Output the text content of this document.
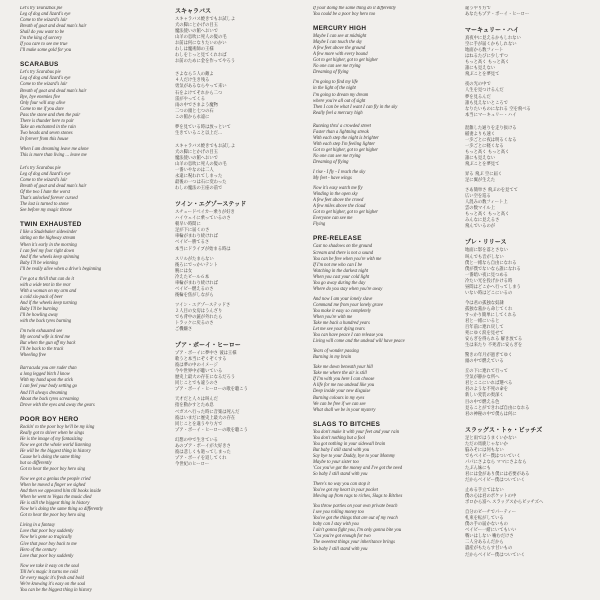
Let's try Teurazbas pie
Leg of dog and lizard's eye
Come to the wizard's lair
Breath of goat and dead man's hair
Shall do you want to be
I'm the king of sorcery
If you care to see me true
I'll make some gold for you
SCARABUS
Let's try Scarabus pie
Leg of dog and lizard's eye
Come to the wizard's lair
Breath of goat and dead man's hair
Bye, bye enemies five
Only four will stay alive
Come to me if you dare
Pass the stone and then the pair
There is thunder here to pair
Take an enchanted in the rain
Two heads and seven stones
In forever from this house
When I am dreaming leave me alone
This is more than living ... leave me
Let's try Scarabus pie
Leg of dog and lizard's eye
Come to the wizard's lair
Breath of goat and dead man's hair
Of the two I hate the worst
That's unlocked forever cursed
The last is turned to stone
See before my magic throne
TWIN EXHAUSTED
I like a Studebaker sidewinder
sitting on the highway stream
When it's early in the morning
I can feel my foot right down
And if the wheels keep spinning
Baby I'll be winning
I'll be really alive when a drive's beginning
I've got a thrill that can do it
with a wide tent in the rear
With a woman on my arm and
a cold six-pack of beer
And if the wheels keep turning
Baby I'll be burning
I'll be howling away
with the back tyres burning
I'm twin exhausted see
My second wife is tired me
But when the gun off my back
I'll be back to the track
Wheeling free
Barracuda you are ruder than
a long legged bitch I know
With my hand upon the stick
I can feel your body setting go
And I'll always dreaming
About the back tyres screaming
Drove with the eyes and away the gears
POOR BOY HERO
Rockin' to the poor boy he'll be my king
Really got to shiver when he sings
He is the image of my fantasizing
Now we got the whole world listening
He will be the biggest thing in history
Cause he's doing the same thing
but so differently
Got to hear the poor boy hero sing
Now we got a genius the people cried
When he moved a finger we sighed
And then we appeared him till books inside
When he went to Vegas the music died
He is still the biggest thing in history
Now he's doing the same thing so differently
Got to hear the poor boy hero sing
Living in a fantasy
Love that poor boy suddenly
Now he's gone so tragically
Give that poor boy back to me
Hero of the century
Love that poor boy suddenly
Now we take it easy on the soul
Till he's magic it turns me cold
Or every magic it's fresh and bold
We're knowing it's easy on the soul
You can be the biggest thing in history
スキャラバス
スキャラバス焼きでもお試しよ
犬の脚にとかげの目玉
魔法使いの館へおいで
山羊の息吹に死人の髪の毛
お前は何になりたいのかい
わしは魔術師の王様
わしをじっと見てくれれば
お前のために金を作ってやろう
さよなら５人の敵よ
４人だけ生き残る
勇気があるならやって来い
石をよけてそれから二つ
雷がやってくる
雨の中でさまよう魔物
二つの頭と七つの石
この館から永遠に
夢を見ている時は放っといて
生きていること以上だ...
スキャラバス焼きでもお試しよ
犬の脚にとかげの目玉
魔法使いの館へおいで
山羊の息吹に死人の髪の毛
一番いやなのは二人
永遠に呪われてしまった
最後の一つは石に変わった
わしの魔法の王座の前で
ツイン・エグゾーステッド
スチュードベイカー乗りが好き
ハイウェイに乗っているのさ
朝早い時間に
足が下に届くのさ
車輪がまわり続ければ
ベイビー勝てるさ
本当にドライブが始まる時は
スリルがたまらない
後ろにでっかいテント
腕には女
冷えたビール６本
車輪がまわり続ければ
ベイビー燃えるのさ
後輪を焦がしながら
ツイン・エグゾーステッドさ
２人目の女房はうんざり
でも背中の銃が外れたら
トラックに戻るのさ
ご機嫌さ
プア・ボーイ・ヒーロー
プア・ボーイに夢中さ 彼は王様
歌うと本当にぞくぞくする
彼は夢の中のイメージ
今や世界中が聴いている
歴史上最大の存在になるだろう
同じことでも違うのさ
プア・ボーイ・ヒーローの歌を聴こう
天才だと人々は叫んだ
指を動かすとため息
ベガスへ行った時に音楽は死んだ
彼はいまだに歴史上最大の存在
同じことを違うやり方で
プア・ボーイ・ヒーローの歌を聴こう
幻想の中で生きている
あのプア・ボーイが大好きさ
彼は悲しくも逝ってしまった
プア・ボーイを返してくれ
今世紀のヒーロー
If your doing the same thing do it differently
You could be a poor boy hero too
MERCURY HIGH
Maybe I can see at midnight
Maybe I can touch the sky
A few feet above the ground
A few more with every bound
Got to get higher, got to get higher
No one can see me trying
Dreaming of flying
I'm going to find my life
in the light of the night
I'm going to dream my dream
where you're all out of sight
Then I can be what I want I can fly in the sky
Really feel a mercury high
Running thru' a crowded street
Faster than a lightning streak
With each step the night is brighter
With each step I'm feeling lighter
Got to get higher, got to get higher
No one can see me trying
Dreaming of flying
I rise - I fly - I reach the sky
My feet - have wings
Now it's easy watch me fly
Winding in the open sky
A few feet above the crowd
A few miles above the cloud
Got to get higher, got to get higher
Everyone can see me
Flying
PRE-RELEASE
Cast no shadows on the ground
Scream and there is not a sound
You can be free when you're with me
If I'm not me who can I be
Watching in the darkest night
When you cast your cold light
You go away during the day
Where do you stay when you're away
And now I am your lonely slave
Command me from your lonely grave
You make it easy so completely
When you're with me
Take me back a hundred years
Let me see your dying tears
You can have peace I can release you
Living will come and the undead will have peace
Years of wonder passing
Burning in my brain
Take me down beneath your hill
Take me where the air is still
If I'm with you here I can choose
A life for me too undead like you
Deep inside your new disguise
Burning colours in my eyes
We can be free if we can see
What shall we be in your mystery
SLAGS TO BITCHES
You don't make it with your feet and your rain
You don't nothing but a fool
You got nothing in your sidewall brain
But baby I still stand with you
Say bye to your Daddy, bye to your Mommy
Maybe to your sister too
'Cos you've got the money and I've got the need
So baby I still stand with you
There's no way you can stop it
You've got my heart in your pocket
Moving up from rags to riches, Slags to Bitches
You throw parties on your own private beach
I see you rolling money too
You've got the things that are out of my reach
baby can I stay with you
I ain't gonna fight you, I'm only gonna bite you
'Cos you're got enough for two
The sweetest things your inheritance brings
So baby I still stand with you
違うやり方で
あなたもプア・ボーイ・ヒーロー
マーキュリー・ハイ
真夜中に見えるかもしれない
空に手が届くかもしれない
地面から数フィート
はねるたびに少しずつ
もっと高く もっと高く
誰にも見えない
飛ぶことを夢見て
夜の光の中で
人生を見つけるんだ
夢を見るんだ
誰も見えないところで
なりたいものになれる 空を飛べる
本当にマーキュリー・ハイ
混雑した通りを走り抜ける
稲妻よりも速く
一歩ごとに夜は明るくなる
一歩ごとに軽くなる
もっと高く もっと高く
誰にも見えない
飛ぶことを夢見て
昇る 飛ぶ 空に届く
足に翼が生えた
さあ簡単さ 飛ぶのを見てて
広い空を巡る
人混みの数フィート上
雲の数マイル上
もっと高く もっと高く
みんなに見えるさ
飛んでいるのが
プレ・リリース
地面に影を落とさない
叫んでも音がしない
僕と一緒なら自由になれる
僕が僕でないなら誰になれる
一番暗い夜に見つめる
冷たい光を投げかける時
昼間はどこかへ行ってしまう
いない時はどこにいるの
今は君の孤独な奴隷
孤独な墓から命じてくれ
すっかり簡単にしてくれる
君と一緒にいると
百年前に連れ戻して
死にゆく涙を見せて
安らぎを得られる 解き放てる
生は来たり 不死者に安らぎを
驚きの年月が過ぎてゆく
頭の中で燃えている
丘の下に連れて行って
空気が静かな所へ
君とここにいれば選べる
君のような不死の命を
新しい変装の奥深く
目の中で燃える色
見ることができれば自由になれる
君の神秘の中で僕らは何に
スラッグス・トゥ・ビッチズ
足と雨ではうまくいかない
ただの馬鹿じゃないか
脳みそには何もない
でもベイビー僕はついていく
パパにさよなら ママにさよなら
たぶん妹にも
君には金があり僕には必要がある
だからベイビー僕はついていく
止める手立てはない
僕の心は君のポケットの中
ボロから富へ スラッグスからビッチズへ
自分のビーチでパーティー
札束を転がしている
僕の手の届かないもの
ベイビー一緒にいてもいい
戦いはしない 噛むだけさ
二人分あるんだから
遺産がもたらす甘いもの
だからベイビー僕はついていく
